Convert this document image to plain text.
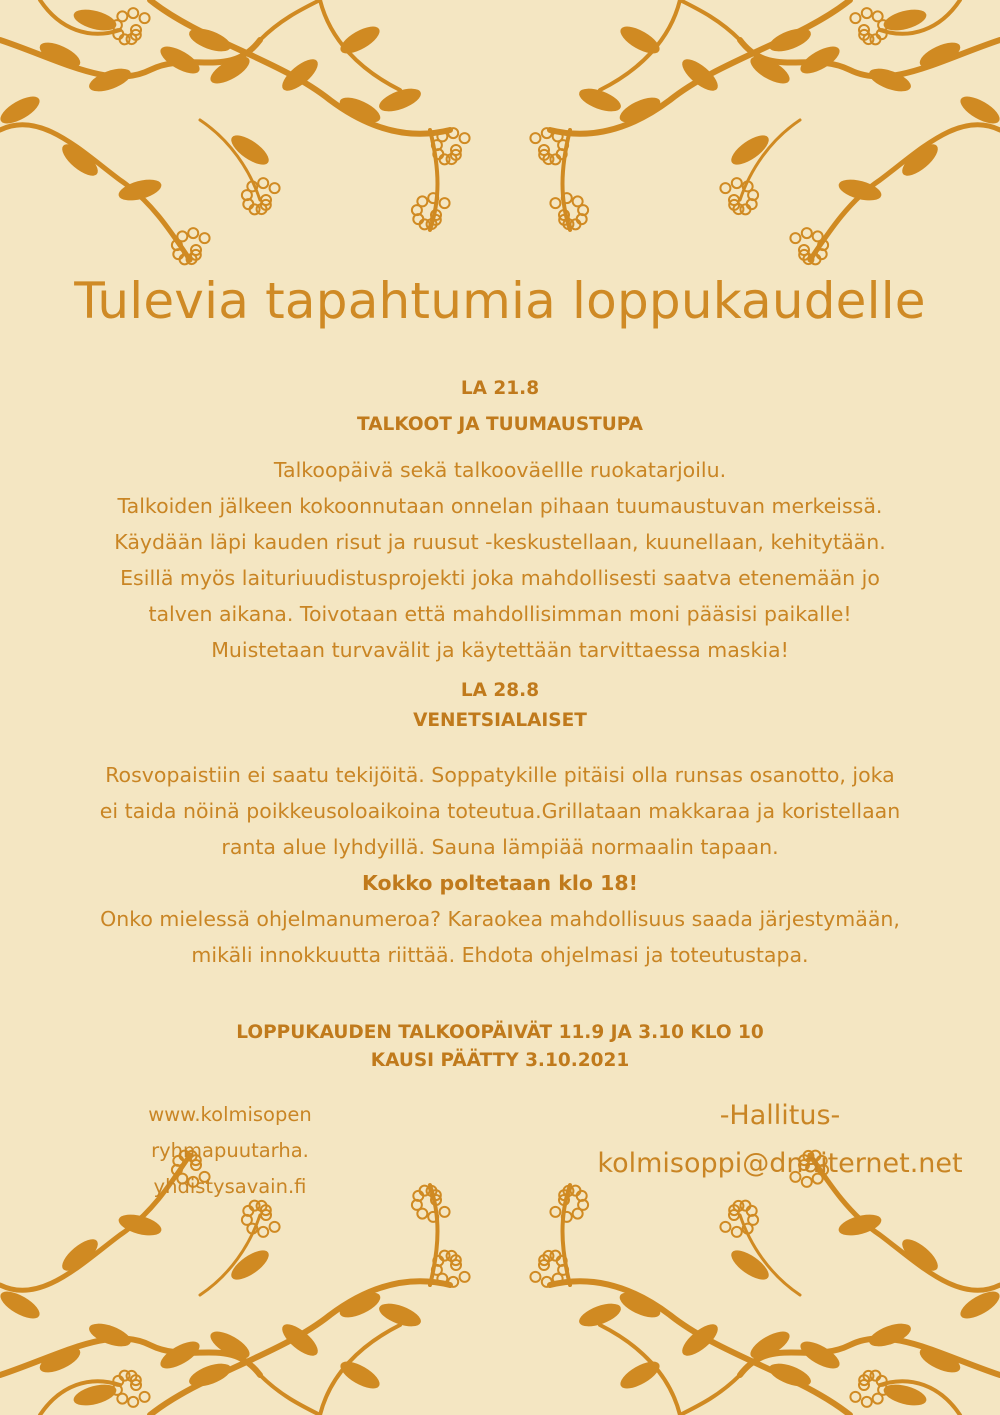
Tulevia tapahtumia loppukaudelle
LA 21.8
TALKOOT JA TUUMAUSTUPA
Talkoopäivä sekä talkooväellle ruokatarjoilu.
Talkoiden jälkeen kokoonnutaan onnelan pihaan tuumaustuvan merkeissä.
Käydään läpi kauden risut ja ruusut -keskustellaan, kuunellaan, kehitytään.
Esillä myös laituriuudistusprojekti joka mahdollisesti saatva etenemään jo
talven aikana. Toivotaan että mahdollisimman moni pääsisi paikalle!
Muistetaan turvavälit ja käytettään tarvittaessa maskia!
LA 28.8
VENETSIALAISET
Rosvopaistiin ei saatu tekijöitä. Soppatykille pitäisi olla runsas osanotto, joka
ei taida nöinä poikkeusoloaikoina toteutua.Grillataan makkaraa ja koristellaan
ranta alue lyhdyillä. Sauna lämpiää normaalin tapaan.
Kokko poltetaan klo 18!
Onko mielessä ohjelmanumeroa? Karaokea mahdollisuus saada järjestymään,
mikäli innokkuutta riittää. Ehdota ohjelmasi ja toteutustapa.
LOPPUKAUDEN TALKOOPÄIVÄT 11.9 JA 3.10 KLO 10
KAUSI PÄÄTTY 3.10.2021
www.kolmisopen
ryhmapuutarha.
yhdistysavain.fi
-Hallitus-
kolmisoppi@dnaiternet.net
